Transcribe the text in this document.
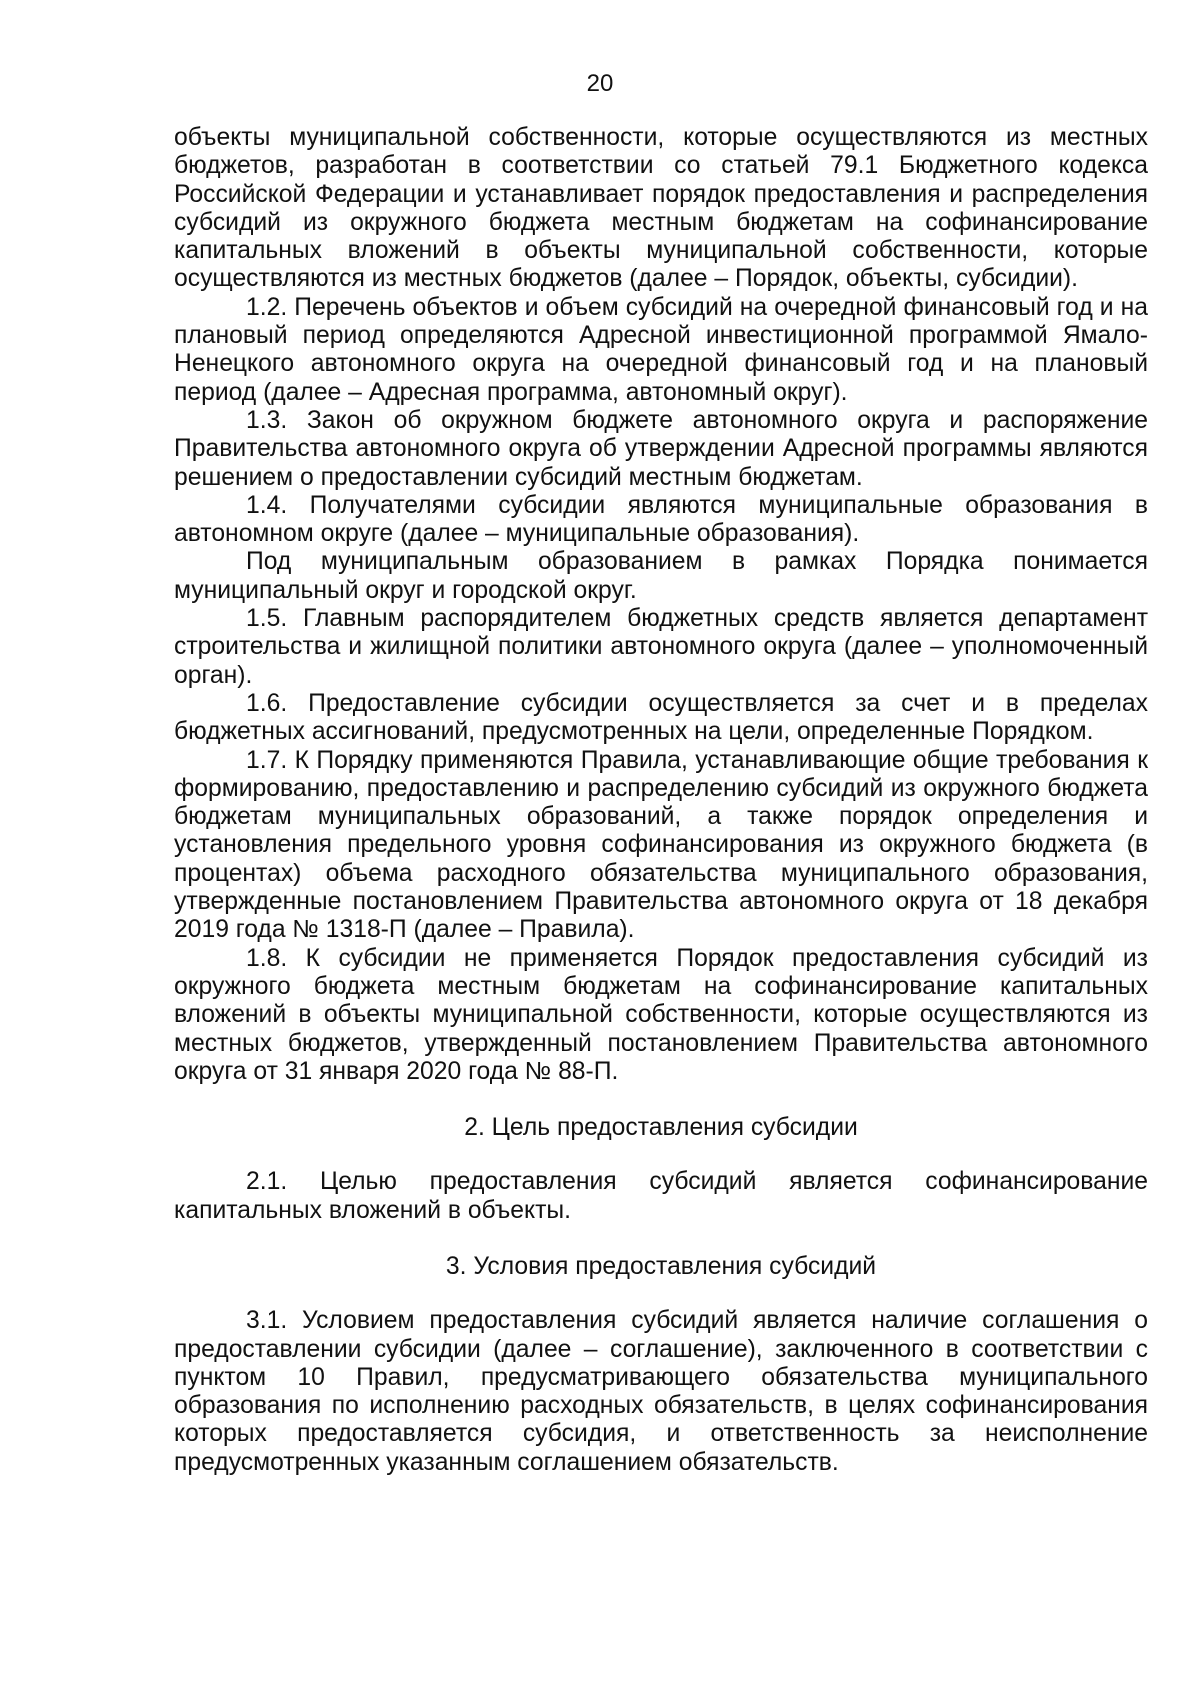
20

объекты муниципальной собственности, которые осуществляются из местных бюджетов, разработан в соответствии со статьей 79.1 Бюджетного кодекса Российской Федерации и устанавливает порядок предоставления и распределения субсидий из окружного бюджета местным бюджетам на софинансирование капитальных вложений в объекты муниципальной собственности, которые осуществляются из местных бюджетов (далее – Порядок, объекты, субсидии).

1.2. Перечень объектов и объем субсидий на очередной финансовый год и на плановый период определяются Адресной инвестиционной программой Ямало-Ненецкого автономного округа на очередной финансовый год и на плановый период (далее – Адресная программа, автономный округ).

1.3. Закон об окружном бюджете автономного округа и распоряжение Правительства автономного округа об утверждении Адресной программы являются решением о предоставлении субсидий местным бюджетам.

1.4. Получателями субсидии являются муниципальные образования в автономном округе (далее – муниципальные образования).

Под муниципальным образованием в рамках Порядка понимается муниципальный округ и городской округ.

1.5. Главным распорядителем бюджетных средств является департамент строительства и жилищной политики автономного округа (далее – уполномоченный орган).

1.6. Предоставление субсидии осуществляется за счет и в пределах бюджетных ассигнований, предусмотренных на цели, определенные Порядком.

1.7. К Порядку применяются Правила, устанавливающие общие требования к формированию, предоставлению и распределению субсидий из окружного бюджета бюджетам муниципальных образований, а также порядок определения и установления предельного уровня софинансирования из окружного бюджета (в процентах) объема расходного обязательства муниципального образования, утвержденные постановлением Правительства автономного округа от 18 декабря 2019 года № 1318-П (далее – Правила).

1.8. К субсидии не применяется Порядок предоставления субсидий из окружного бюджета местным бюджетам на софинансирование капитальных вложений в объекты муниципальной собственности, которые осуществляются из местных бюджетов, утвержденный постановлением Правительства автономного округа от 31 января 2020 года № 88-П.

2. Цель предоставления субсидии

2.1. Целью предоставления субсидий является софинансирование капитальных вложений в объекты.

3. Условия предоставления субсидий

3.1. Условием предоставления субсидий является наличие соглашения о предоставлении субсидии (далее – соглашение), заключенного в соответствии с пунктом 10 Правил, предусматривающего обязательства муниципального образования по исполнению расходных обязательств, в целях софинансирования которых предоставляется субсидия, и ответственность за неисполнение предусмотренных указанным соглашением обязательств.
